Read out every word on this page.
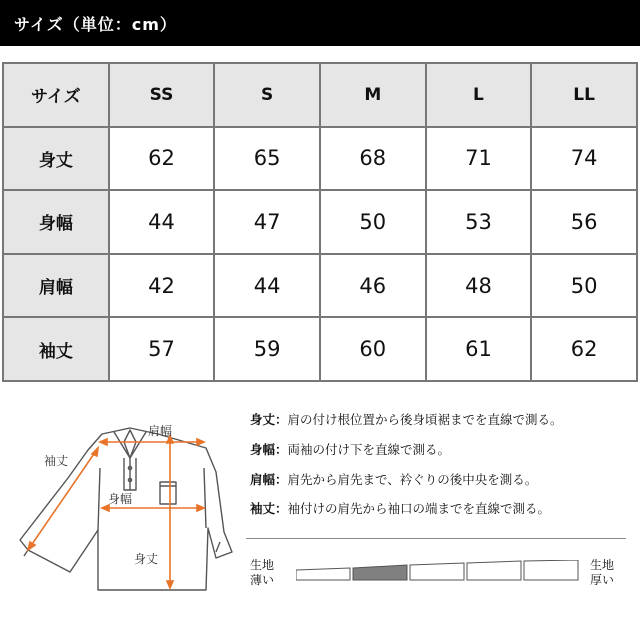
サイズ（単位：cm）
サイズ	SS	S	M	L	LL
身丈	62	65	68	71	74
身幅	44	47	50	53	56
肩幅	42	44	46	48	50
袖丈	57	59	60	61	62
肩幅
袖丈
身幅
身丈
身丈：肩の付け根位置から後身頃裾までを直線で測る。
身幅：両袖の付け下を直線で測る。
肩幅：肩先から肩先まで、衿ぐりの後中央を測る。
袖丈：袖付けの肩先から袖口の端までを直線で測る。
生地
薄い
生地
厚い
